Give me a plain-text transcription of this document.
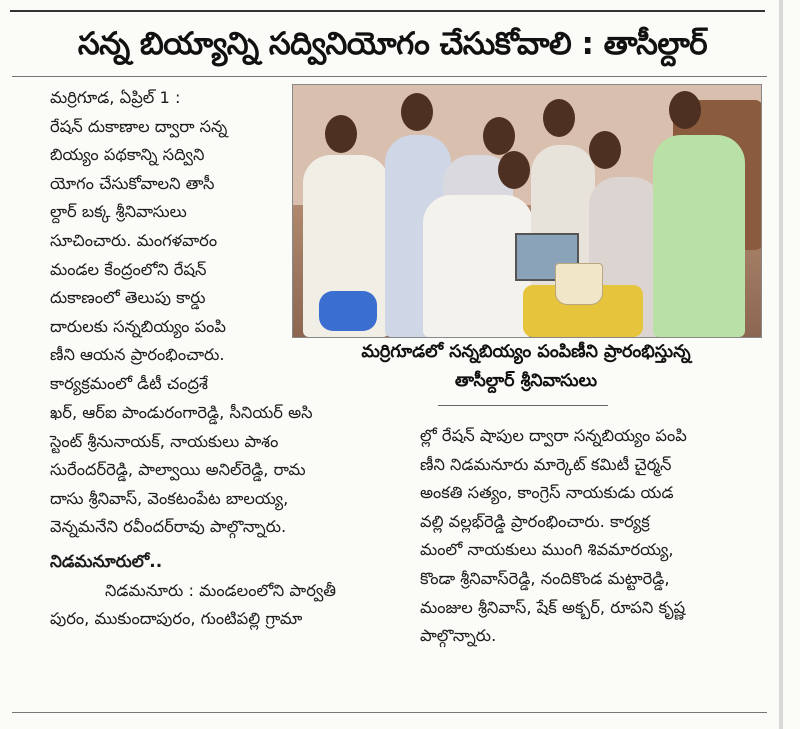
సన్న బియ్యాన్ని సద్వినియోగం చేసుకోవాలి : తాసీల్దార్
మర్రిగూడ, ఏప్రిల్ 1 :
రేషన్ దుకాణాల ద్వారా సన్న
బియ్యం పథకాన్ని సద్విని
యోగం చేసుకోవాలని తాసీ
ల్దార్ బక్క శ్రీనివాసులు
సూచించారు. మంగళవారం
మండల కేంద్రంలోని రేషన్
దుకాణంలో తెలుపు కార్డు
దారులకు సన్నబియ్యం పంపి
ణీని ఆయన ప్రారంభించారు.
కార్యక్రమంలో డీటీ చంద్రశే
ఖర్, ఆర్ఐ పాండురంగారెడ్డి, సీనియర్ అసి
స్టెంట్ శ్రీనునాయక్, నాయకులు పాశం
సురేందర్‌రెడ్డి, పాల్వాయి అనిల్‌రెడ్డి, రామ
దాసు శ్రీనివాస్, వెంకటంపేట బాలయ్య,
వెన్నమనేని రవీందర్‌రావు పాల్గొన్నారు.
నిడమనూరులో..
నిడమనూరు : మండలంలోని పార్వతీ
పురం, ముకుందాపురం, గుంటిపల్లి గ్రామా
మర్రిగూడలో సన్నబియ్యం పంపిణీని ప్రారంభిస్తున్న
తాసీల్దార్ శ్రీనివాసులు
ల్లో రేషన్ షాపుల ద్వారా సన్నబియ్యం పంపి
ణీని నిడమనూరు మార్కెట్ కమిటీ చైర్మన్
అంకతి సత్యం, కాంగ్రెస్ నాయకుడు యడ
వల్లి వల్లభ్‌రెడ్డి ప్రారంభించారు. కార్యక్ర
మంలో నాయకులు ముంగి శివమారయ్య,
కొండా శ్రీనివాస్‌రెడ్డి, నందికొండ మట్టారెడ్డి,
మంజుల శ్రీనివాస్, షేక్ అక్బర్, రూపని కృష్ణ
పాల్గొన్నారు.
